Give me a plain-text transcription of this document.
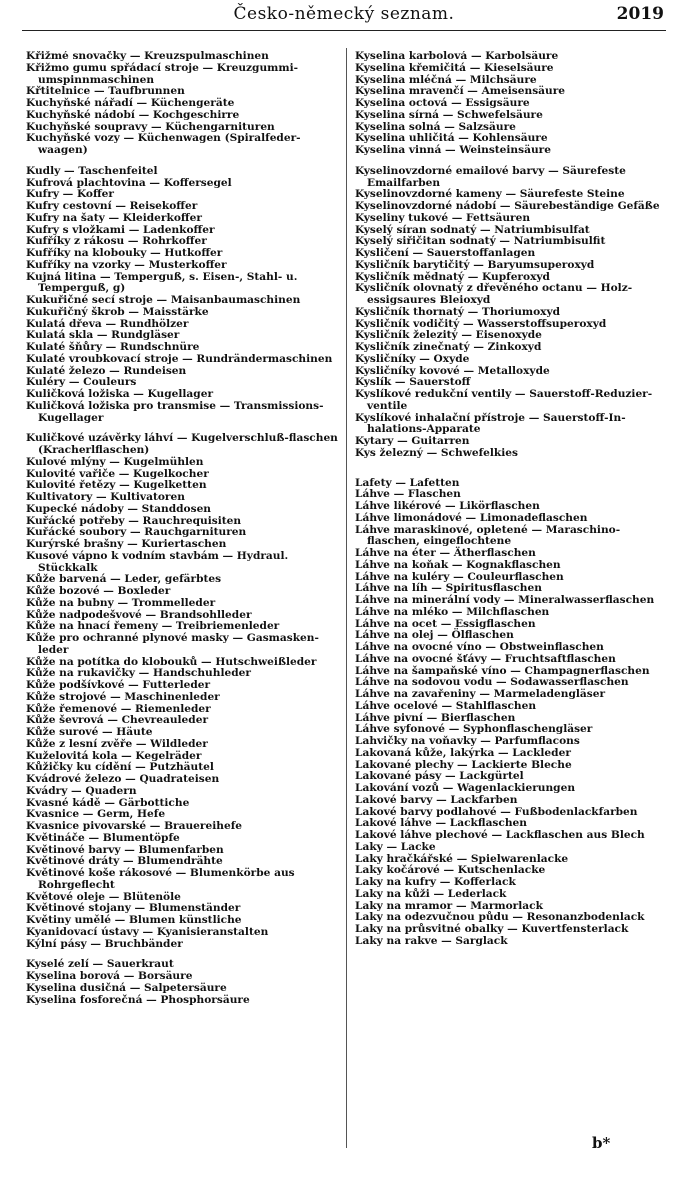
Česko-německý seznam.	2019
Křižmé snovačky — Kreuzspulmaschinen
Křižmo gumu spřádací stroje — Kreuzgummi-umspinnmaschinen
Křtitelnice — Taufbrunnen
Kuchyňské nářadí — Küchengeräte
Kuchyňské nádobí — Kochgeschirre
Kuchyňské soupravy — Küchengarnituren
Kuchyňské vozy — Küchenwagen (Spiralfeder-waagen)
Kudly — Taschenfeitel
Kufrová plachtovina — Koffersegel
Kufry — Koffer
Kufry cestovní — Reisekoffer
Kufry na šaty — Kleiderkoffer
Kufry s vložkami — Ladenkoffer
Kufříky z rákosu — Rohrkoffer
Kufříky na klobouky — Hutkoffer
Kufříky na vzorky — Musterkoffer
Kujná litina — Temperguß, s. Eisen-, Stahl- u. Temperguß, g)
Kukuřičné secí stroje — Maisanbaumaschinen
Kukuřičný škrob — Maisstärke
Kulatá dřeva — Rundhölzer
Kulatá skla — Rundgläser
Kulaté šňůry — Rundschnüre
Kulaté vroubkovací stroje — Rundrändermaschinen
Kulaté železo — Rundeisen
Kuléry — Couleurs
Kuličková ložiska — Kugellager
Kuličková ložiska pro transmise — Transmissions-Kugellager
Kuličkové uzávěrky láhví — Kugelverschluß-flaschen (Kracherlflaschen)
Kulové mlýny — Kugelmühlen
Kulovité vařiče — Kugelkocher
Kulovité řetězy — Kugelketten
Kultivatory — Kultivatoren
Kupecké nádoby — Standdosen
Kuřácké potřeby — Rauchrequisiten
Kuřácké soubory — Rauchgarnituren
Kurýrské brašny — Kuriertaschen
Kusové vápno k vodním stavbám — Hydraul. Stückkalk
Kůže barvená — Leder, gefärbtes
Kůže bozové — Boxleder
Kůže na bubny — Trommelleder
Kůže nadpodešvové — Brandsohlleder
Kůže na hnací řemeny — Treibriemenleder
Kůže pro ochranné plynové masky — Gasmasken-leder
Kůže na potítka do klobouků — Hutschweißleder
Kůže na rukavičky — Handschuhleder
Kůže podšívkové — Futterleder
Kůže strojové — Maschinenleder
Kůže řemenové — Riemenleder
Kůže ševrová — Chevreauleder
Kůže surové — Häute
Kůže z lesní zvěře — Wildleder
Kuželovitá kola — Kegelräder
Kůžičky ku cídění — Putzhäutel
Kvádrové železo — Quadrateisen
Kvádry — Quadern
Kvasné kádě — Gärbottiche
Kvasnice — Germ, Hefe
Kvasnice pivovarské — Brauereihefe
Květináče — Blumentöpfe
Květinové barvy — Blumenfarben
Květinové dráty — Blumendrähte
Květinové koše rákosové — Blumenkörbe aus Rohrgeflecht
Květové oleje — Blütenöle
Květinové stojany — Blumenständer
Květiny umělé — Blumen künstliche
Kyanidovací ústavy — Kyanisieranstalten
Kýlní pásy — Bruchbänder
Kyselé zelí — Sauerkraut
Kyselina borová — Borsäure
Kyselina dusičná — Salpetersäure
Kyselina fosforečná — Phosphorsäure
Kyselina karbolová — Karbolsäure
Kyselina křemičitá — Kieselsäure
Kyselina mléčná — Milchsäure
Kyselina mravenčí — Ameisensäure
Kyselina octová — Essigsäure
Kyselina sírná — Schwefelsäure
Kyselina solná — Salzsäure
Kyselina uhličitá — Kohlensäure
Kyselina vinná — Weinsteinsäure
Kyselinovzdorné emailové barvy — Säurefeste Emailfarben
Kyselinovzdorné kameny — Säurefeste Steine
Kyselinovzdorné nádobí — Säurebeständige Gefäße
Kyseliny tukové — Fettsäuren
Kyselý síran sodnatý — Natriumbisulfat
Kyselý siřičitan sodnatý — Natriumbisulfit
Kysličení — Sauerstoffanlagen
Kysličník barytičitý — Baryumsuperoxyd
Kysličník mědnatý — Kupferoxyd
Kysličník olovnatý z dřevěného octanu — Holz-essigsaures Bleioxyd
Kysličník thornatý — Thoriumoxyd
Kysličník vodičitý — Wasserstoffsuperoxyd
Kysličník železitý — Eisenoxyde
Kysličník zinečnatý — Zinkoxyd
Kysličníky — Oxyde
Kysličníky kovové — Metalloxyde
Kyslík — Sauerstoff
Kyslíkové redukční ventily — Sauerstoff-Reduzier-ventile
Kyslíkové inhalační přístroje — Sauerstoff-In-halations-Apparate
Kytary — Guitarren
Kys železný — Schwefelkies
Lafety — Lafetten
Láhve — Flaschen
Láhve likérové — Likörflaschen
Láhve limonádové — Limonadeflaschen
Láhve maraskinové, opletené — Maraschino-flaschen, eingeflochtene
Láhve na éter — Ätherflaschen
Láhve na koňak — Kognakflaschen
Láhve na kuléry — Couleurflaschen
Láhve na líh — Spiritusflaschen
Láhve na minerální vody — Mineralwasserflaschen
Láhve na mléko — Milchflaschen
Láhve na ocet — Essigflaschen
Láhve na olej — Ölflaschen
Láhve na ovocné víno — Obstweinflaschen
Láhve na ovocné šťávy — Fruchtsaftflaschen
Láhve na šampaňské víno — Champagnerflaschen
Láhve na sodovou vodu — Sodawasserflaschen
Láhve na zavařeniny — Marmeladengläser
Láhve ocelové — Stahlflaschen
Láhve pivní — Bierflaschen
Láhve syfonové — Syphonflaschengläser
Lahvičky na voňavky — Parfumflacons
Lakovaná kůže, lakýrka — Lackleder
Lakované plechy — Lackierte Bleche
Lakované pásy — Lackgürtel
Lakování vozů — Wagenlackierungen
Lakové barvy — Lackfarben
Lakové barvy podlahové — Fußbodenlackfarben
Lakové láhve — Lackflaschen
Lakové láhve plechové — Lackflaschen aus Blech
Laky — Lacke
Laky hračkářské — Spielwarenlacke
Laky kočárové — Kutschenlacke
Laky na kufry — Kofferlack
Laky na kůži — Lederlack
Laky na mramor — Marmorlack
Laky na odezvučnou půdu — Resonanzbodenlack
Laky na průsvitné obalky — Kuvertfensterlack
Laky na rakve — Sarglack
b*
